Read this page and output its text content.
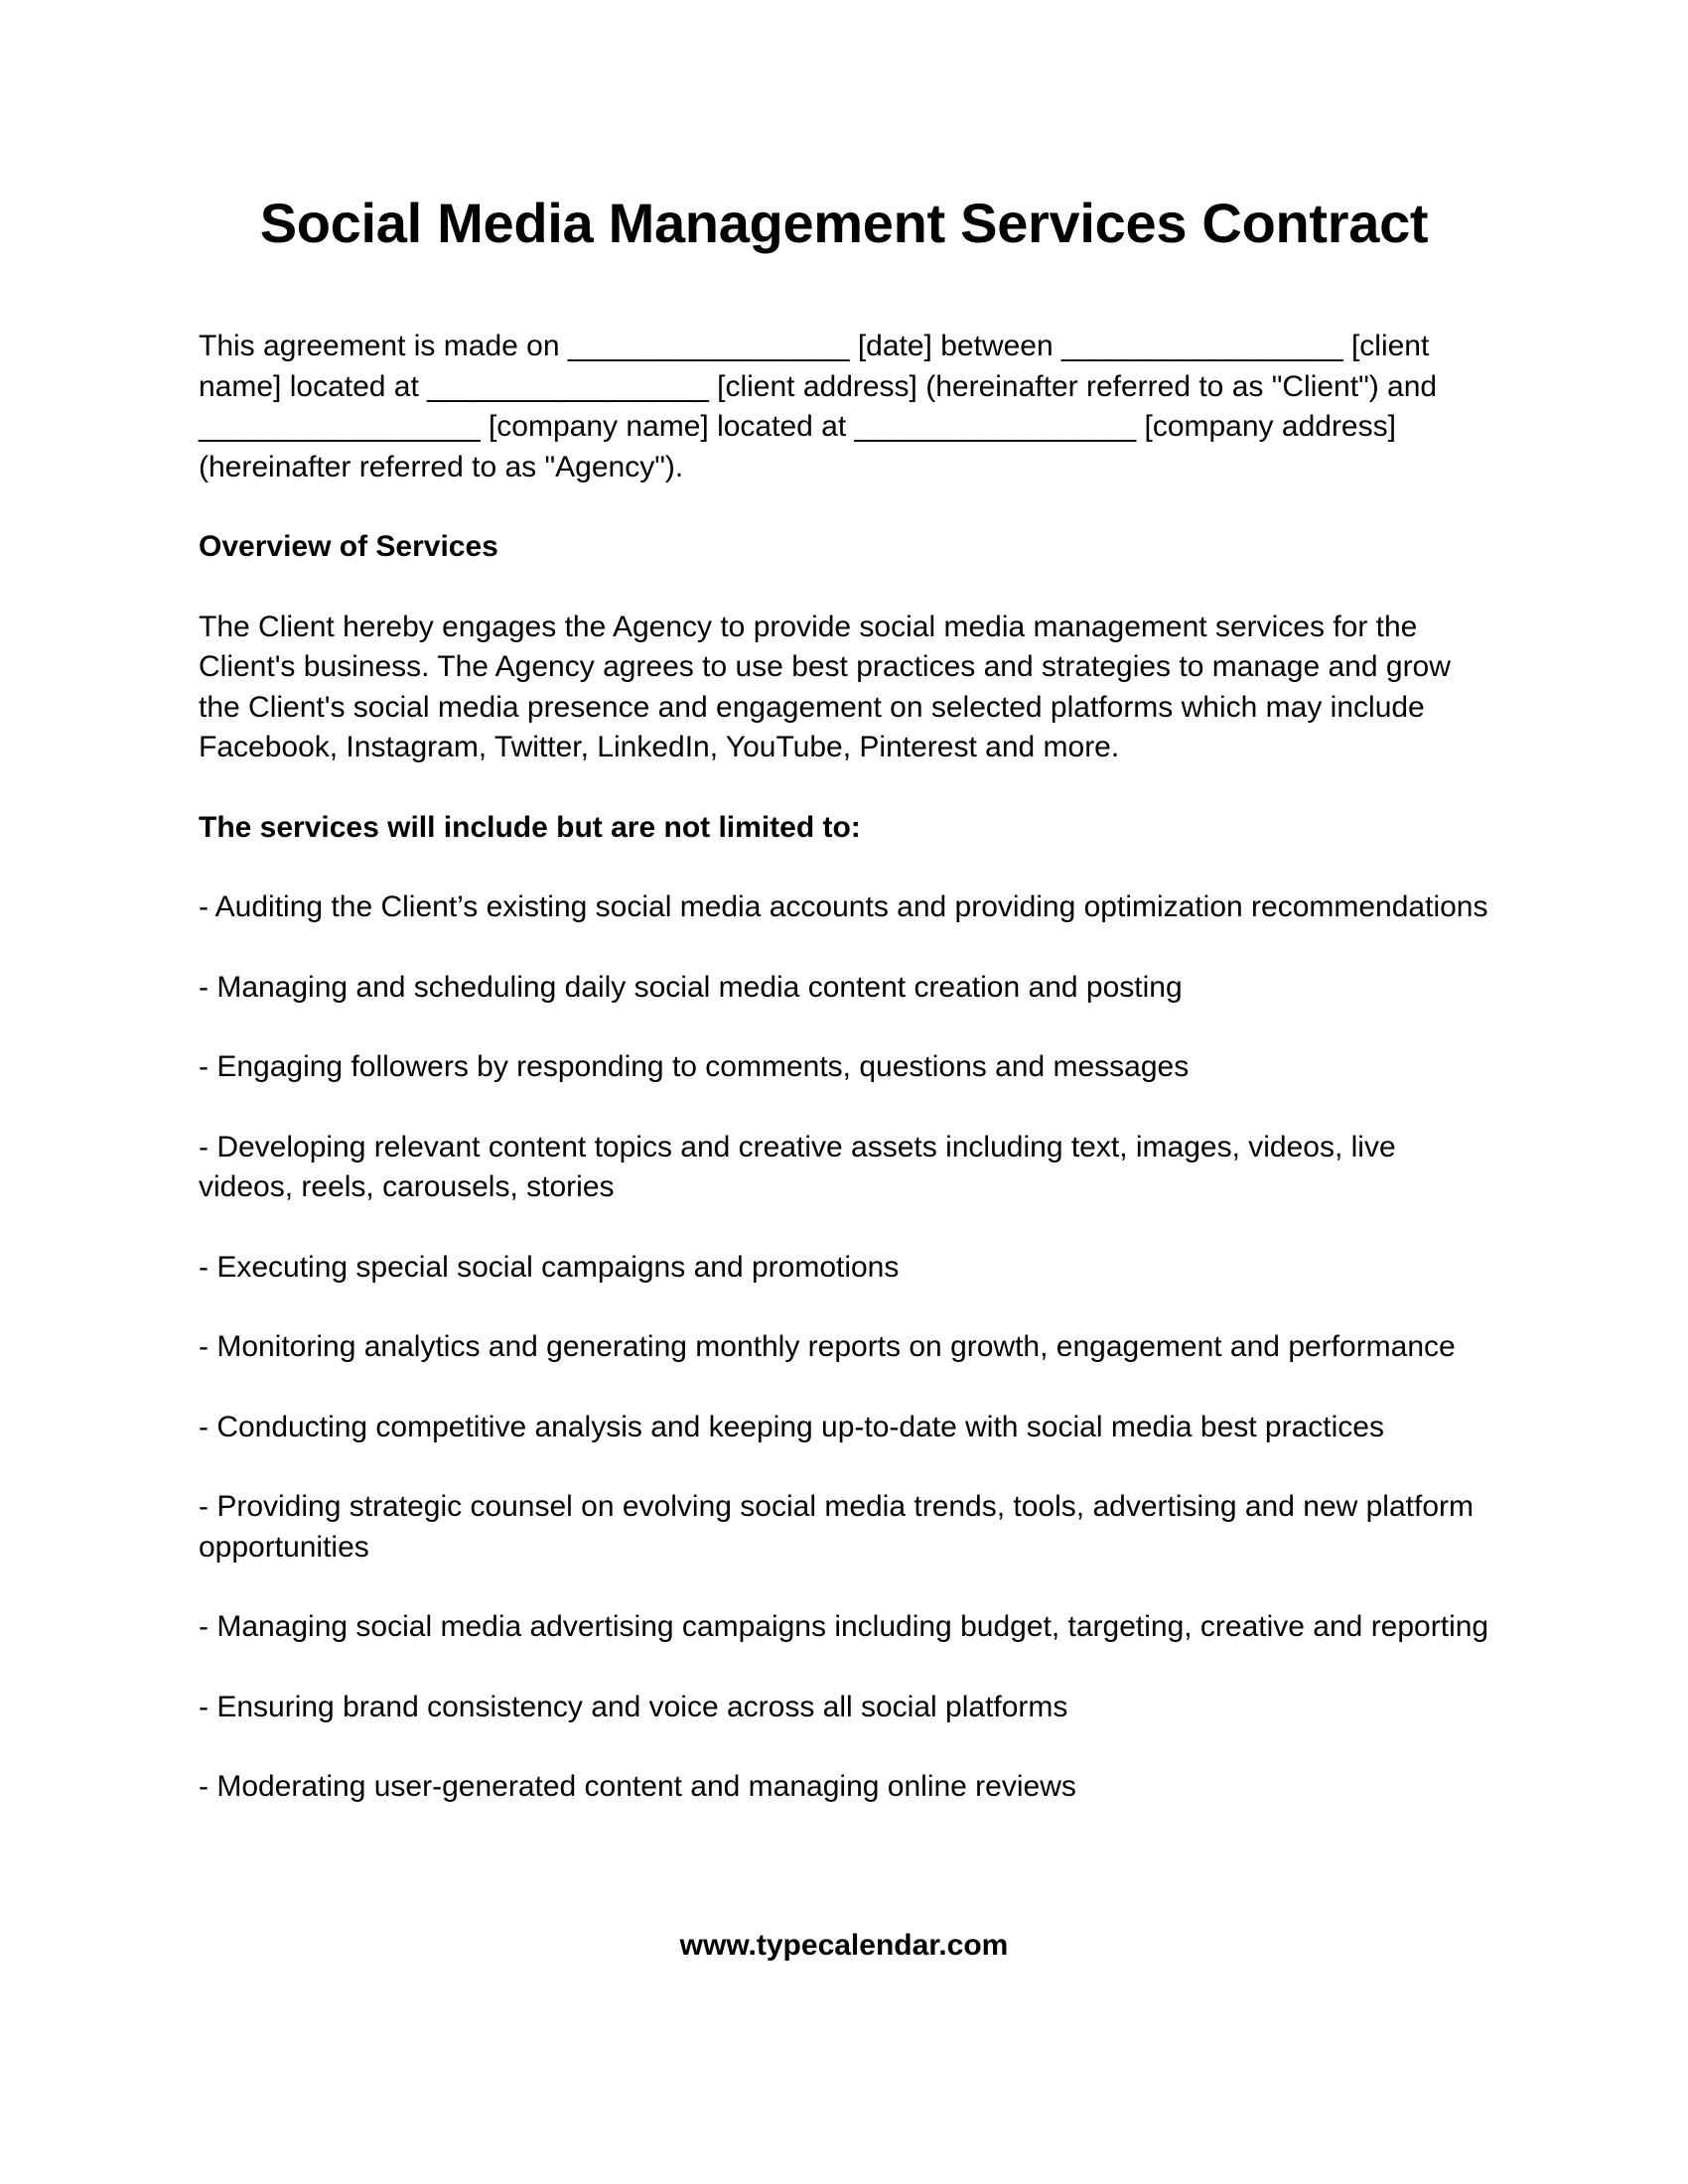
Social Media Management Services Contract

This agreement is made on _________________ [date] between _________________ [client name] located at _________________ [client address] (hereinafter referred to as "Client") and _________________ [company name] located at _________________ [company address] (hereinafter referred to as "Agency").

Overview of Services

The Client hereby engages the Agency to provide social media management services for the Client's business. The Agency agrees to use best practices and strategies to manage and grow the Client's social media presence and engagement on selected platforms which may include Facebook, Instagram, Twitter, LinkedIn, YouTube, Pinterest and more.

The services will include but are not limited to:

- Auditing the Client’s existing social media accounts and providing optimization recommendations
- Managing and scheduling daily social media content creation and posting
- Engaging followers by responding to comments, questions and messages
- Developing relevant content topics and creative assets including text, images, videos, live videos, reels, carousels, stories
- Executing special social campaigns and promotions
- Monitoring analytics and generating monthly reports on growth, engagement and performance
- Conducting competitive analysis and keeping up-to-date with social media best practices
- Providing strategic counsel on evolving social media trends, tools, advertising and new platform opportunities
- Managing social media advertising campaigns including budget, targeting, creative and reporting
- Ensuring brand consistency and voice across all social platforms
- Moderating user-generated content and managing online reviews
www.typecalendar.com
